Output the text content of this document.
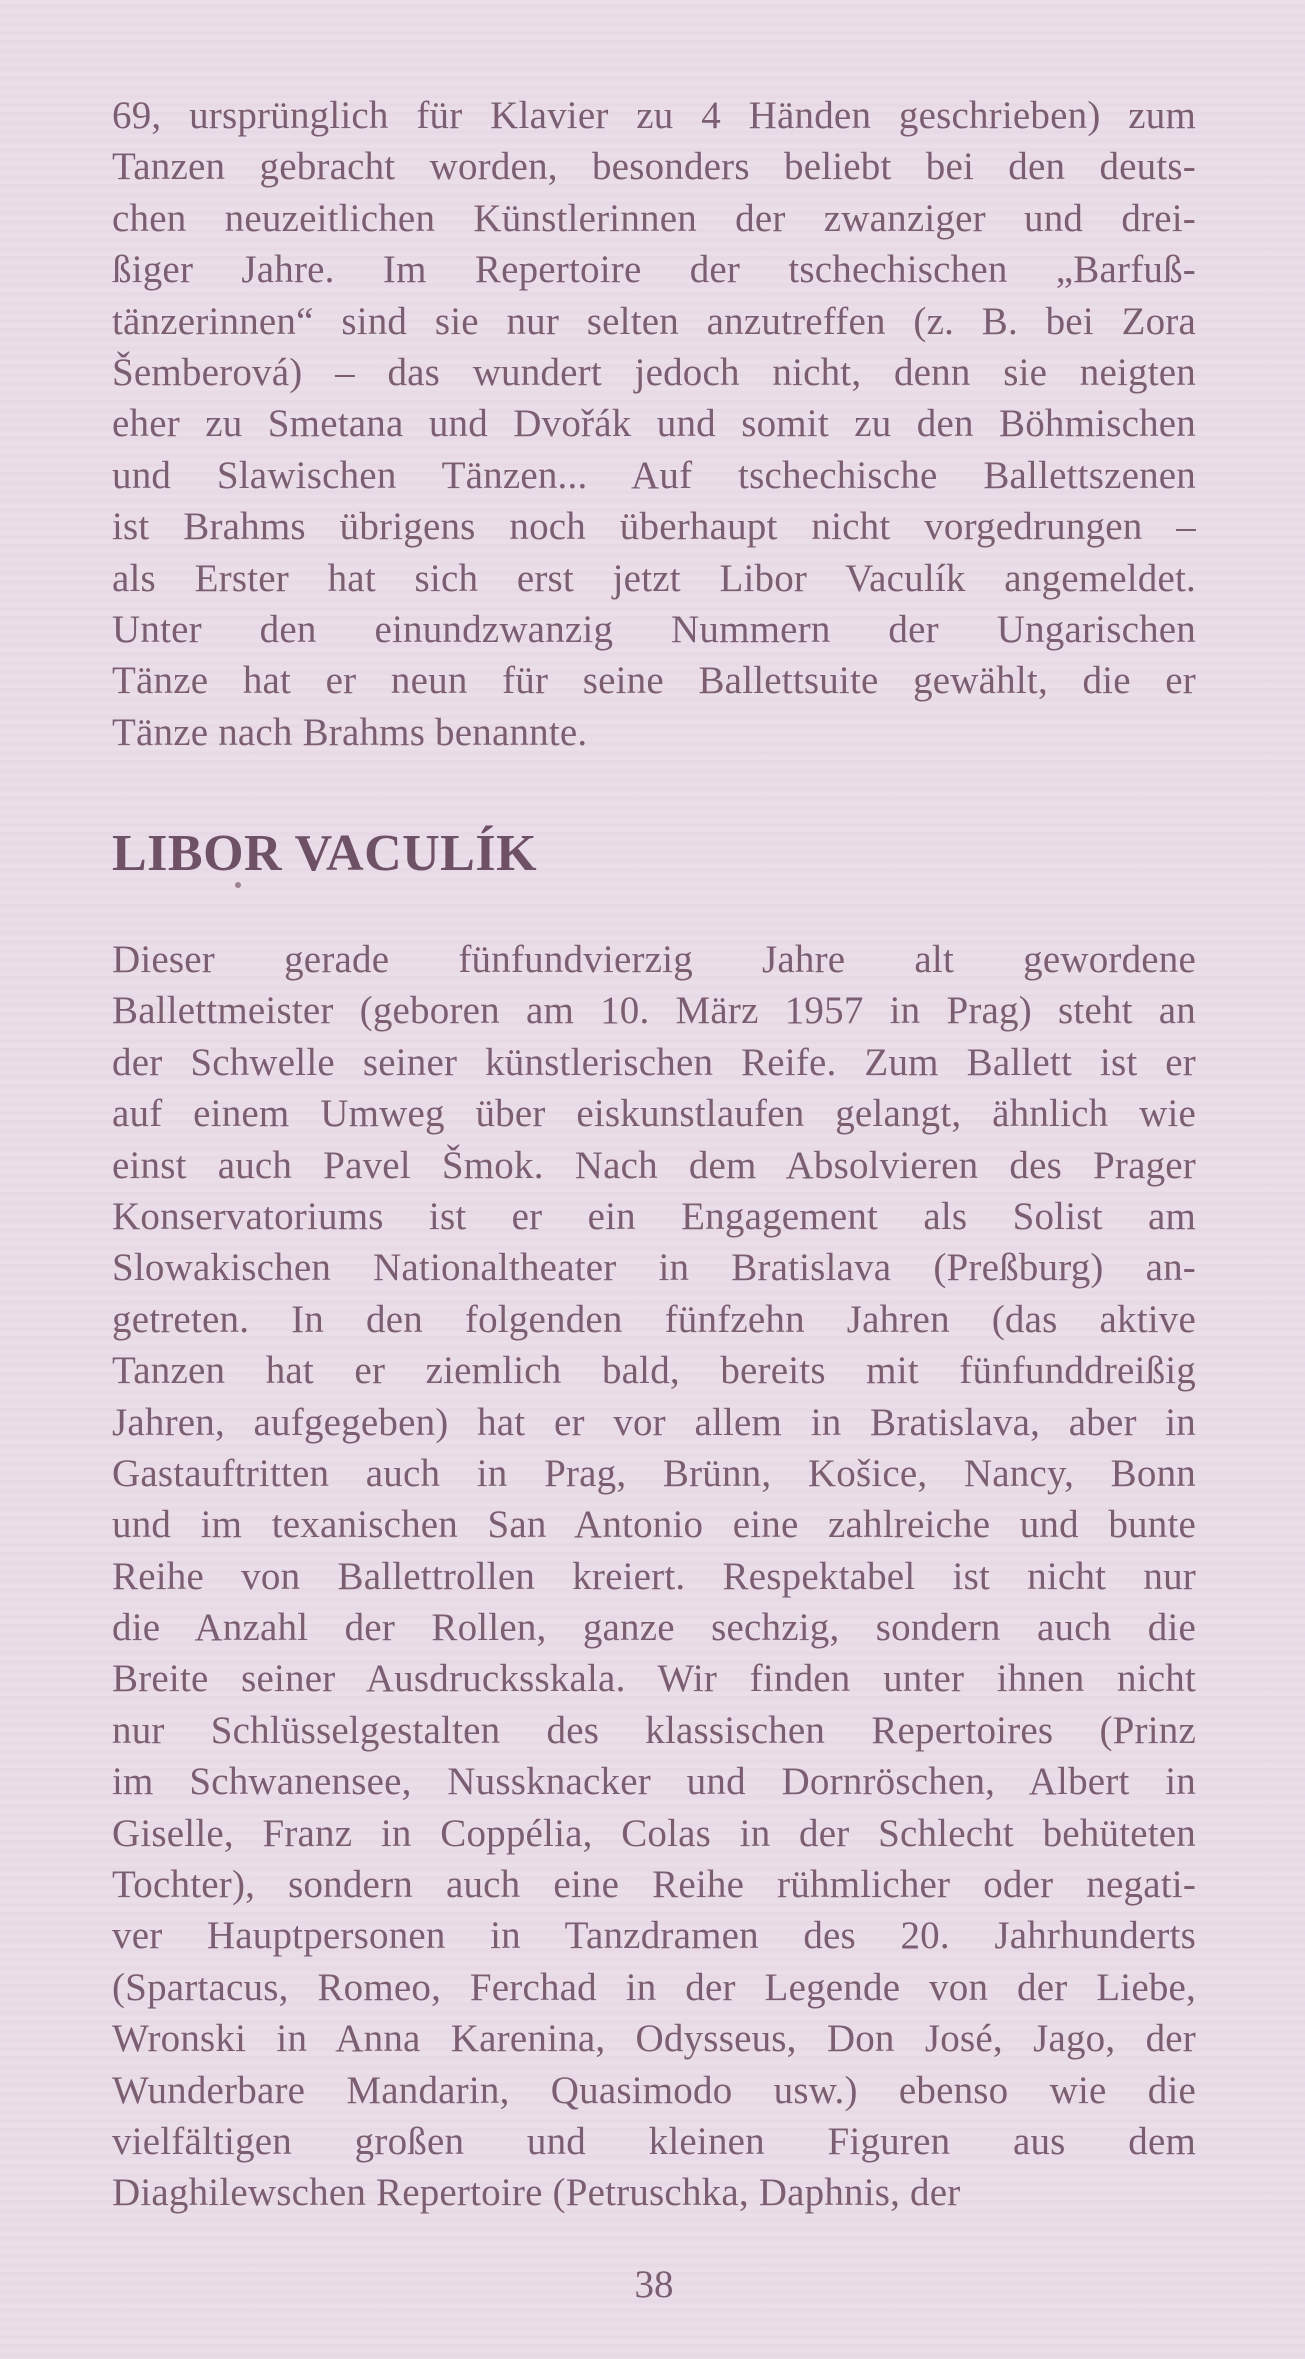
69, ursprünglich für Klavier zu 4 Händen geschrieben) zum
Tanzen gebracht worden, besonders beliebt bei den deuts-
chen neuzeitlichen Künstlerinnen der zwanziger und drei-
ßiger Jahre. Im Repertoire der tschechischen „Barfuß-
tänzerinnen“ sind sie nur selten anzutreffen (z. B. bei Zora
Šemberová) – das wundert jedoch nicht, denn sie neigten
eher zu Smetana und Dvořák und somit zu den Böhmischen
und Slawischen Tänzen... Auf tschechische Ballettszenen
ist Brahms übrigens noch überhaupt nicht vorgedrungen –
als Erster hat sich erst jetzt Libor Vaculík angemeldet.
Unter den einundzwanzig Nummern der Ungarischen
Tänze hat er neun für seine Ballettsuite gewählt, die er
Tänze nach Brahms benannte.
LIBOR VACULÍK
Dieser gerade fünfundvierzig Jahre alt gewordene
Ballettmeister (geboren am 10. März 1957 in Prag) steht an
der Schwelle seiner künstlerischen Reife. Zum Ballett ist er
auf einem Umweg über eiskunstlaufen gelangt, ähnlich wie
einst auch Pavel Šmok. Nach dem Absolvieren des Prager
Konservatoriums ist er ein Engagement als Solist am
Slowakischen Nationaltheater in Bratislava (Preßburg) an-
getreten. In den folgenden fünfzehn Jahren (das aktive
Tanzen hat er ziemlich bald, bereits mit fünfunddreißig
Jahren, aufgegeben) hat er vor allem in Bratislava, aber in
Gastauftritten auch in Prag, Brünn, Košice, Nancy, Bonn
und im texanischen San Antonio eine zahlreiche und bunte
Reihe von Ballettrollen kreiert. Respektabel ist nicht nur
die Anzahl der Rollen, ganze sechzig, sondern auch die
Breite seiner Ausdrucksskala. Wir finden unter ihnen nicht
nur Schlüsselgestalten des klassischen Repertoires (Prinz
im Schwanensee, Nussknacker und Dornröschen, Albert in
Giselle, Franz in Coppélia, Colas in der Schlecht behüteten
Tochter), sondern auch eine Reihe rühmlicher oder negati-
ver Hauptpersonen in Tanzdramen des 20. Jahrhunderts
(Spartacus, Romeo, Ferchad in der Legende von der Liebe,
Wronski in Anna Karenina, Odysseus, Don José, Jago, der
Wunderbare Mandarin, Quasimodo usw.) ebenso wie die
vielfältigen großen und kleinen Figuren aus dem
Diaghilewschen Repertoire (Petruschka, Daphnis, der
38
